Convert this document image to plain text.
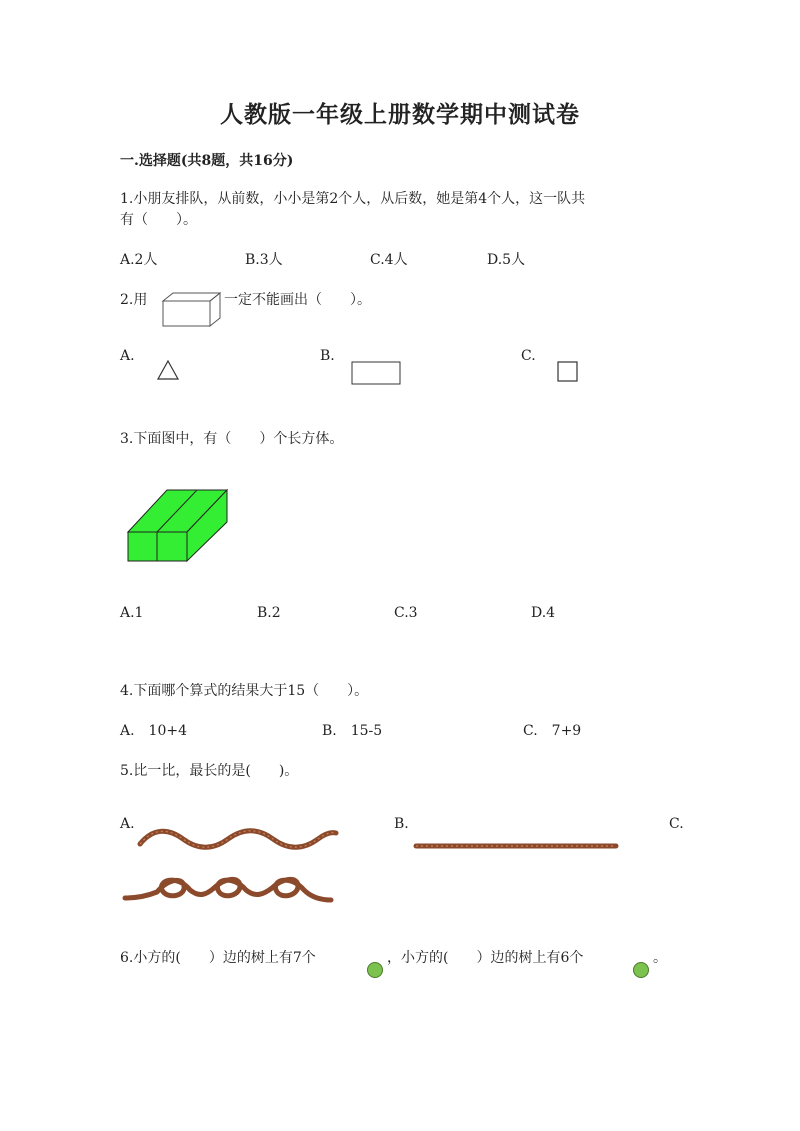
人教版一年级上册数学期中测试卷
一.选择题(共8题，共16分)
1.小朋友排队，从前数，小小是第2个人，从后数，她是第4个人，这一队共
有（　　）。
A.2人	B.3人	C.4人	D.5人
2.用	一定不能画出（　　）。
A.	B.	C.
3.下面图中，有（　　）个长方体。
A.1	B.2	C.3	D.4
4.下面哪个算式的结果大于15（　　）。
A.　10+4	B.　15-5	C.　7+9
5.比一比，最长的是(　　)。
A.	B.	C.
6.小方的(　　）边的树上有7个	，小方的(　　）边的树上有6个	。
